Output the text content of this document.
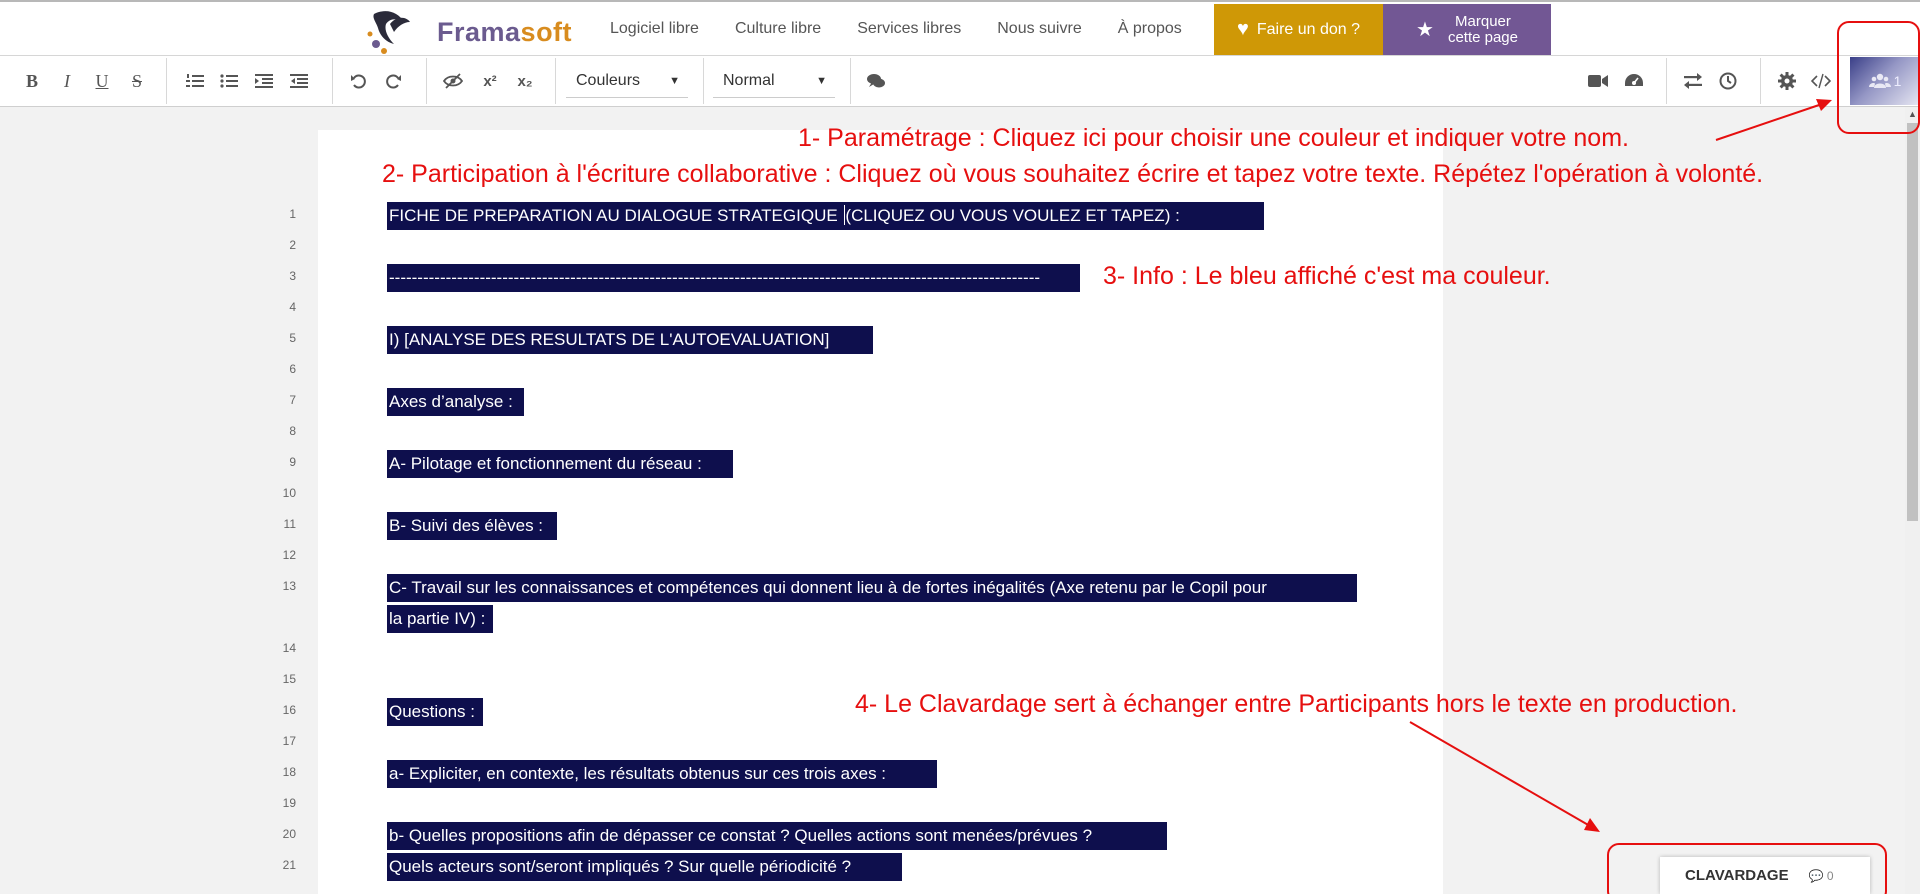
Framasoft Logiciel libre Culture libre Services libres Nous suivre À propos	♥ Faire un don ?	★	Marquer
cette page
B	I	U	S	x²	x₂	Couleurs	▼	Normal	▼	1
1
2
3
4
5
6
7
8
9
10
11
12
13
14
15
16
17
18
19
20
21
FICHE DE PREPARATION AU DIALOGUE STRATEGIQUE (CLIQUEZ OU VOUS VOULEZ ET TAPEZ) :
-------------------------------------------------------------------------------------------------------------------
I) [ANALYSE DES RESULTATS DE L'AUTOEVALUATION]
Axes d’analyse :
A- Pilotage et fonctionnement du réseau :
B- Suivi des élèves :
C- Travail sur les connaissances et compétences qui donnent lieu à de fortes inégalités (Axe retenu par le Copil pour
la partie IV) :
Questions :
a- Expliciter, en contexte, les résultats obtenus sur ces trois axes :
b- Quelles propositions afin de dépasser ce constat ? Quelles actions sont menées/prévues ?
Quels acteurs sont/seront impliqués ? Sur quelle périodicité ?
▲
1- Paramétrage : Cliquez ici pour choisir une couleur et indiquer votre nom.
2- Participation à l'écriture collaborative : Cliquez où vous souhaitez écrire et tapez votre texte. Répétez l'opération à volonté.
3- Info : Le bleu affiché c'est ma couleur.
4- Le Clavardage sert à échanger entre Participants hors le texte en production.
CLAVARDAGE 💬 0
